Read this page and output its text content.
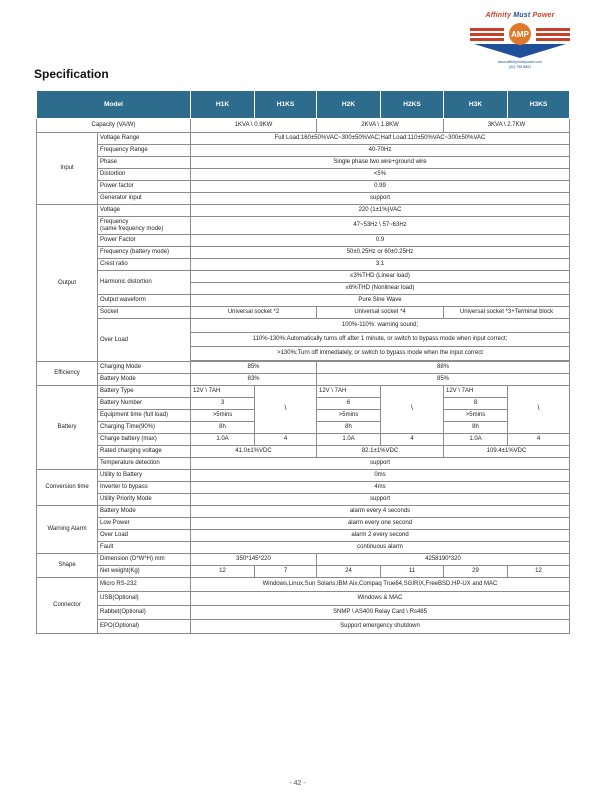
Affinity Must Power
AMP
www.affinitymustpower.com
(02) 795 8881
Specification
Model		H1K	H1KS	H2K	H2KS	H3K	H3KS
Capacity (VA/W)		1KVA \ 0.9KW		2KVA \ 1.8KW		3KVA \ 2.7KW	
Input	Voltage Range	Full Load:160±50%VAC~300±50%VAC;Half Load:110±50%VAC~300±50%VAC					
	Frequency Range	40-70Hz					
	Phase	Single phase two wire+ground wire					
	Distortion	<5%					
	Power factor	0.99					
	Generator input	support					
Output	Voltage	220 (1±1%)VAC					
	Frequency
(same frequency mode)	47~53Hz \ 57~63Hz					
	Power Factor	0.9					
	Frequency (battery mode)	50±0.25Hz or 60±0.25Hz					
	Crest ratio	3:1					
	Harmonic distortion	≤3%THD (Linear load)					
		≤6%THD (Nonlinear load)					
	Output waveform	Pure Sine Wave					
	Socket	Universal socket *2		Universal socket *4		Universal socket *3+Terminal block	
	Over Load	100%-110%: warning sound;					
		110%-130%:Automatically turns off after 1 minute, or switch to bypass mode when input correct;					
		>130%:Turn off immediately, or switch to bypass mode when the input correct					

Efficiency	Charging Mode	85%		88%			
	Battery Mode	83%		85%			
Battery	Battery Type	12V \ 7AH	\	12V \ 7AH	\	12V \ 7AH	\
	Battery Number	3		6		8	
	Equipment time (full load)	>5mins		>5mins		>5mins	
	Charging Time(90%)	8h		8h		8h	
	Charge battery (max)	1.0A	4	1.0A	4	1.0A	4
	Rated charging voltage	41.0±1%VDC		82.1±1%VDC		109.4±1%VDC	
	Temperature detection	support					
Conversion time	Utility to Battery	0ms					
	Inverter to bypass	4ms					
	Utility Priority Mode	support					
Warning Alarm	Battery Mode	alarm every 4 seconds					
	Low Power	alarm every one second					
	Over Load	alarm 2 every second					
	Fault	continuous alarm					
Shape	Dimension (D*W*H) mm	350*145*220		4258190*320			
	Net weight(Kg)	12	7	24	11	29	12
Connector	Micro RS-232	Windows,Linux,Sun Solaris,IBM Aix,Compaq True64,SGIRIX,FreeBSD,HP-UX and MAC					
	USB(Optional)	Windows & MAC					
	Rabbet(Optional)	SNMP \ AS400 Relay Card \ Rs485					
	EPO(Optional)	Support emergency shutdown					
- 42 -
